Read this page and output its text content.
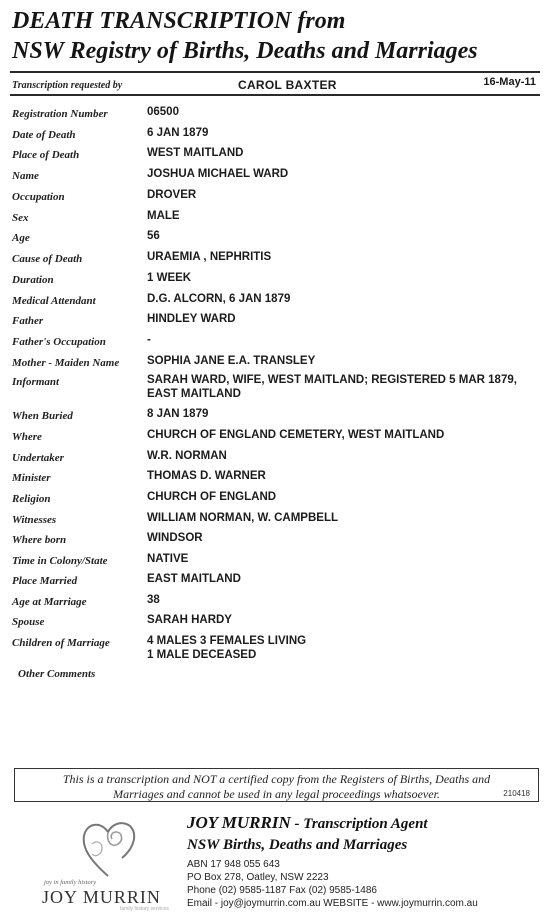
DEATH TRANSCRIPTION from
NSW Registry of Births, Deaths and Marriages
Transcription requested by	CAROL BAXTER	16-May-11
Registration Number	06500
Date of Death	6 JAN 1879
Place of Death	WEST MAITLAND
Name	JOSHUA MICHAEL WARD
Occupation	DROVER
Sex	MALE
Age	56
Cause of Death	URAEMIA , NEPHRITIS
Duration	1 WEEK
Medical Attendant	D.G. ALCORN, 6 JAN 1879
Father	HINDLEY WARD
Father's Occupation	-
Mother - Maiden Name	SOPHIA JANE E.A. TRANSLEY
Informant	SARAH WARD, WIFE, WEST MAITLAND; REGISTERED 5 MAR 1879,
EAST MAITLAND
When Buried	8 JAN 1879
Where	CHURCH OF ENGLAND CEMETERY, WEST MAITLAND
Undertaker	W.R. NORMAN
Minister	THOMAS D. WARNER
Religion	CHURCH OF ENGLAND
Witnesses	WILLIAM NORMAN, W. CAMPBELL
Where born	WINDSOR
Time in Colony/State	NATIVE
Place Married	EAST MAITLAND
Age at Marriage	38
Spouse	SARAH HARDY
Children of Marriage	4 MALES 3 FEMALES LIVING
1 MALE DECEASED
Other Comments
This is a transcription and NOT a certified copy from the Registers of Births, Deaths and
Marriages and cannot be used in any legal proceedings whatsoever.	210418
joy in family history
JOY MURRIN
family history services
JOY MURRIN - Transcription Agent
NSW Births, Deaths and Marriages
ABN 17 948 055 643
PO Box 278, Oatley, NSW 2223
Phone (02) 9585-1187 Fax (02) 9585-1486
Email - joy@joymurrin.com.au WEBSITE - www.joymurrin.com.au
